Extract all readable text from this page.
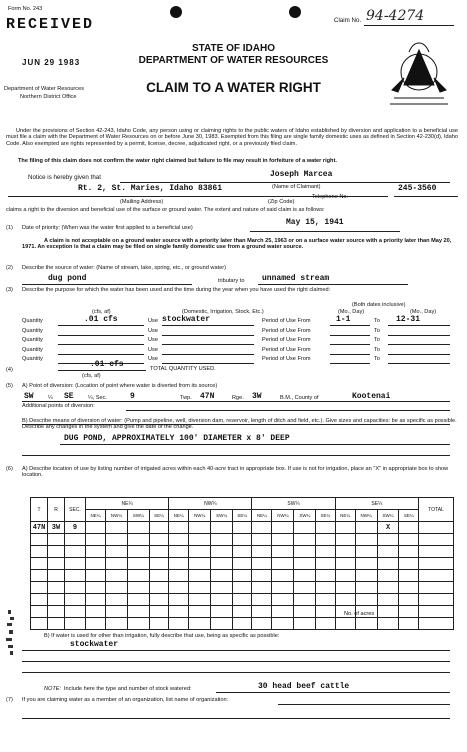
Form No. 243
RECEIVED
JUN 29 1983
Department of Water Resources
Northern District Office
STATE OF IDAHO
DEPARTMENT OF WATER RESOURCES
CLAIM TO A WATER RIGHT
Claim No. 94-4274
Under the provisions of Section 42-243, Idaho Code, any person using or claiming rights to the public waters of Idaho established by diversion and application to a beneficial use must file a claim with the Department of Water Resources on or before June 30, 1983. Exempted from this filing are single family domestic uses as defined in Section 42-230(d), Idaho Code. Also exempted are rights represented by a permit, license, decree, adjudicated right, or a previously filed claim.
The filing of this claim does not confirm the water right claimed but failure to file may result in forfeiture of a water right.
Notice is hereby given that	Joseph Marcea
Rt. 2, St. Maries, Idaho 83861	(Name of Claimant)	245-3560
Telephone No.
(Mailing Address)	(Zip Code)
claims a right to the diversion and beneficial use of the surface or ground water. The extent and nature of said claim is as follows:
(1) Date of priority: (When was the water first applied to a beneficial use)
May 15, 1941
A claim is not acceptable on a ground water source with a priority later than March 25, 1963 or on a surface water source with a priority later than May 20, 1971. An exception is that a claim may be filed on single family domestic use from a ground water source.
(2) Describe the source of water: (Name of stream, lake, spring, etc., or ground water)
dug pond	tributary to unnamed stream
(3) Describe the purpose for which the water has been used and the time during the year when you have used the right claimed:
(Both dates inclusive)
(cfs, af)	(Domestic, Irrigation, Stock, Etc.)	(Mo., Day)	(Mo., Day)
Quantity	.01 cfs	Use stockwater	Period of Use From	1-1	To 12-31
Quantity	Use	Period of Use From	To
Quantity	Use	Period of Use From	To
Quantity	Use	Period of Use From	To
Quantity	Use	Period of Use From	To
(4)
.01 cfs	TOTAL QUANTITY USED.
(cfs, af)
(5) A) Point of diversion: (Location of point where water is diverted from its source)
SW	¼ SE	¼, Sec.	9	Twp. 47N	Rge. 3W	B.M., County of	Kootenai
Additional points of diversion:
B) Describe means of diversion of water: (Pump and pipeline, well, diversion dam, reservoir, length of ditch and field, etc.). Give sizes and capacities: be as specific as possible. Describe any changes in the system and give the date of the change.
DUG POND, APPROXIMATELY 100' DIAMETER x 8' DEEP
(6) A) Describe location of use by listing number of irrigated acres within each 40-acre tract in appropriate box. If use is not for irrigation, place an "X" in appropriate box to show location.
T	R	SEC.	NE¼				NW¼				SW¼				SE¼				TOTAL
			NE¼	NW¼	SW¼	SE¼	NE¼	NW¼	SW¼	SE¼	NE¼	NW¼	SW¼	SE¼	NE¼	NW¼	SW¼	SE¼	
47N	3W	9															X		

No. of acres
B) If water is used for other than irrigation, fully describe that use, being as specific as possible:
stockwater
NOTE: Include here the type and number of stock watered:	30 head beef cattle
(7) If you are claiming water as a member of an organization, list name of organization:
